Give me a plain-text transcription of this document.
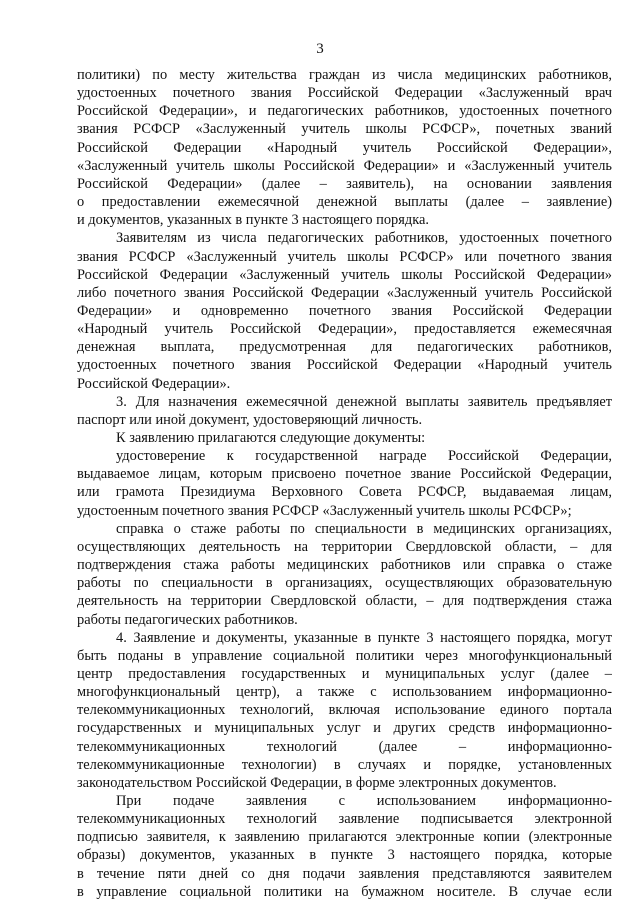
3
политики) по месту жительства граждан из числа медицинских работников,
удостоенных почетного звания Российской Федерации «Заслуженный врач
Российской Федерации», и педагогических работников, удостоенных почетного
звания РСФСР «Заслуженный учитель школы РСФСР», почетных званий
Российской Федерации «Народный учитель Российской Федерации»,
«Заслуженный учитель школы Российской Федерации» и «Заслуженный учитель
Российской Федерации» (далее – заявитель), на основании заявления
о предоставлении ежемесячной денежной выплаты (далее – заявление)
и документов, указанных в пункте 3 настоящего порядка.
Заявителям из числа педагогических работников, удостоенных почетного
звания РСФСР «Заслуженный учитель школы РСФСР» или почетного звания
Российской Федерации «Заслуженный учитель школы Российской Федерации»
либо почетного звания Российской Федерации «Заслуженный учитель Российской
Федерации» и одновременно почетного звания Российской Федерации
«Народный учитель Российской Федерации», предоставляется ежемесячная
денежная выплата, предусмотренная для педагогических работников,
удостоенных почетного звания Российской Федерации «Народный учитель
Российской Федерации».
3. Для назначения ежемесячной денежной выплаты заявитель предъявляет
паспорт или иной документ, удостоверяющий личность.
К заявлению прилагаются следующие документы:
удостоверение к государственной награде Российской Федерации,
выдаваемое лицам, которым присвоено почетное звание Российской Федерации,
или грамота Президиума Верховного Совета РСФСР, выдаваемая лицам,
удостоенным почетного звания РСФСР «Заслуженный учитель школы РСФСР»;
справка о стаже работы по специальности в медицинских организациях,
осуществляющих деятельность на территории Свердловской области, – для
подтверждения стажа работы медицинских работников или справка о стаже
работы по специальности в организациях, осуществляющих образовательную
деятельность на территории Свердловской области, – для подтверждения стажа
работы педагогических работников.
4. Заявление и документы, указанные в пункте 3 настоящего порядка, могут
быть поданы в управление социальной политики через многофункциональный
центр предоставления государственных и муниципальных услуг (далее –
многофункциональный центр), а также с использованием информационно-
телекоммуникационных технологий, включая использование единого портала
государственных и муниципальных услуг и других средств информационно-
телекоммуникационных технологий (далее – информационно-
телекоммуникационные технологии) в случаях и порядке, установленных
законодательством Российской Федерации, в форме электронных документов.
При подаче заявления с использованием информационно-
телекоммуникационных технологий заявление подписывается электронной
подписью заявителя, к заявлению прилагаются электронные копии (электронные
образы) документов, указанных в пункте 3 настоящего порядка, которые
в течение пяти дней со дня подачи заявления представляются заявителем
в управление социальной политики на бумажном носителе. В случае если
